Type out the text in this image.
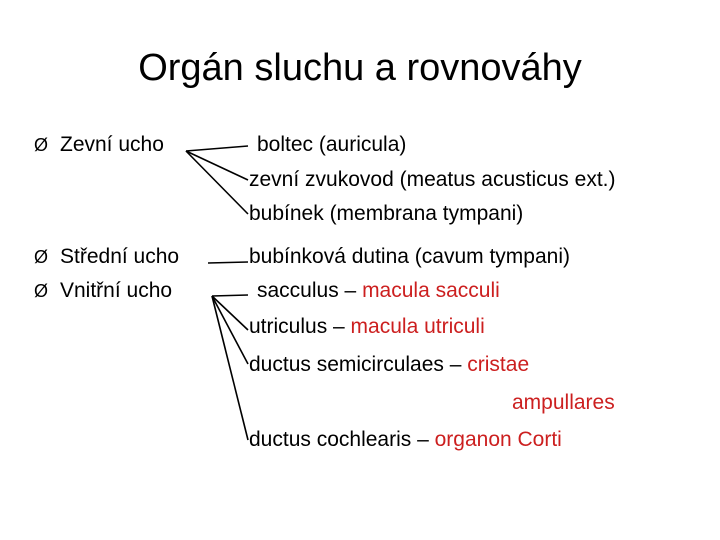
Orgán sluchu a rovnováhy
Ø Zevní ucho
Ø Střední ucho
Ø Vnitřní ucho
boltec (auricula)
zevní zvukovod (meatus acusticus ext.)
bubínek (membrana tympani)
bubínková dutina (cavum tympani)
sacculus – macula sacculi
utriculus – macula utriculi
ductus semicirculaes – cristae
ampullares
ductus cochlearis – organon Corti
